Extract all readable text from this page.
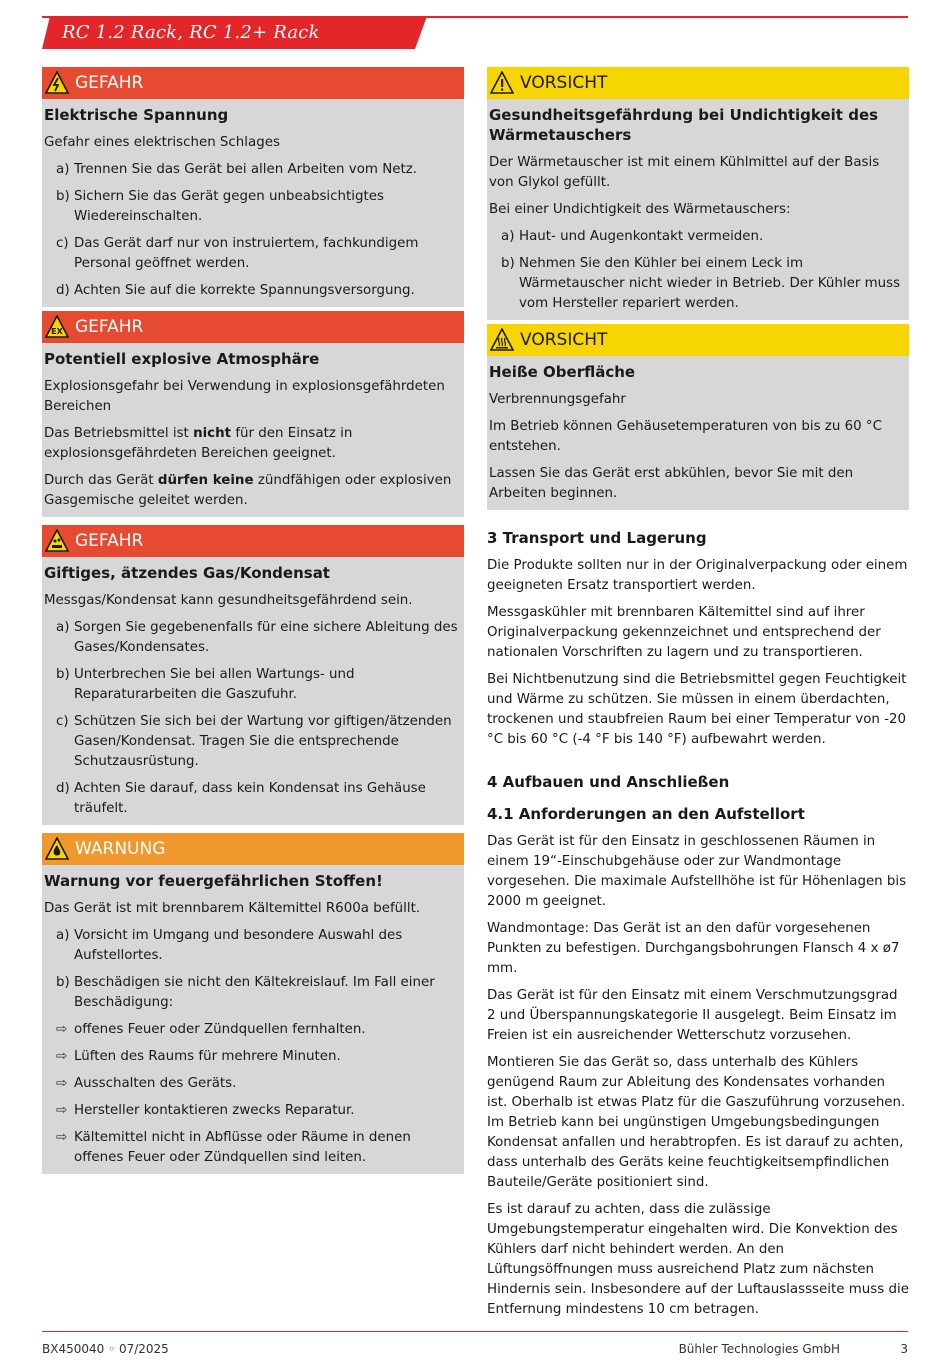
RC 1.2 Rack, RC 1.2+ Rack
GEFAHR
Elektrische Spannung
Gefahr eines elektrischen Schlages
a) Trennen Sie das Gerät bei allen Arbeiten vom Netz.
b) Sichern Sie das Gerät gegen unbeabsichtigtes Wiedereinschalten.
c) Das Gerät darf nur von instruiertem, fachkundigem Personal geöffnet werden.
d) Achten Sie auf die korrekte Spannungsversorgung.
EX GEFAHR
Potentiell explosive Atmosphäre
Explosionsgefahr bei Verwendung in explosionsgefährdeten Bereichen
Das Betriebsmittel ist nicht für den Einsatz in explosionsgefährdeten Bereichen geeignet.
Durch das Gerät dürfen keine zündfähigen oder explosiven Gasgemische geleitet werden.
GEFAHR
Giftiges, ätzendes Gas/Kondensat
Messgas/Kondensat kann gesundheitsgefährdend sein.
a) Sorgen Sie gegebenenfalls für eine sichere Ableitung des Gases/Kondensates.
b) Unterbrechen Sie bei allen Wartungs- und Reparaturarbeiten die Gaszufuhr.
c) Schützen Sie sich bei der Wartung vor giftigen/ätzenden Gasen/Kondensat. Tragen Sie die entsprechende Schutzausrüstung.
d) Achten Sie darauf, dass kein Kondensat ins Gehäuse träufelt.
WARNUNG
Warnung vor feuergefährlichen Stoffen!
Das Gerät ist mit brennbarem Kältemittel R600a befüllt.
a) Vorsicht im Umgang und besondere Auswahl des Aufstellortes.
b) Beschädigen sie nicht den Kältekreislauf. Im Fall einer Beschädigung:
⇨ offenes Feuer oder Zündquellen fernhalten.
⇨ Lüften des Raums für mehrere Minuten.
⇨ Ausschalten des Geräts.
⇨ Hersteller kontaktieren zwecks Reparatur.
⇨ Kältemittel nicht in Abflüsse oder Räume in denen offenes Feuer oder Zündquellen sind leiten.
VORSICHT
Gesundheitsgefährdung bei Undichtigkeit des Wärmetauschers
Der Wärmetauscher ist mit einem Kühlmittel auf der Basis von Glykol gefüllt.
Bei einer Undichtigkeit des Wärmetauschers:
a) Haut- und Augenkontakt vermeiden.
b) Nehmen Sie den Kühler bei einem Leck im Wärmetauscher nicht wieder in Betrieb. Der Kühler muss vom Hersteller repariert werden.
VORSICHT
Heiße Oberfläche
Verbrennungsgefahr
Im Betrieb können Gehäusetemperaturen von bis zu 60 °C entstehen.
Lassen Sie das Gerät erst abkühlen, bevor Sie mit den Arbeiten beginnen.
3 Transport und Lagerung
Die Produkte sollten nur in der Originalverpackung oder einem geeigneten Ersatz transportiert werden.
Messgaskühler mit brennbaren Kältemittel sind auf ihrer Originalverpackung gekennzeichnet und entsprechend der nationalen Vorschriften zu lagern und zu transportieren.
Bei Nichtbenutzung sind die Betriebsmittel gegen Feuchtigkeit und Wärme zu schützen. Sie müssen in einem überdachten, trockenen und staubfreien Raum bei einer Temperatur von -20 °C bis 60 °C (-4 °F bis 140 °F) aufbewahrt werden.
4 Aufbauen und Anschließen
4.1 Anforderungen an den Aufstellort
Das Gerät ist für den Einsatz in geschlossenen Räumen in einem 19“-Einschubgehäuse oder zur Wandmontage vorgesehen. Die maximale Aufstellhöhe ist für Höhenlagen bis 2000 m geeignet.
Wandmontage: Das Gerät ist an den dafür vorgesehenen Punkten zu befestigen. Durchgangsbohrungen Flansch 4 x ø7 mm.
Das Gerät ist für den Einsatz mit einem Verschmutzungsgrad 2 und Überspannungskategorie II ausgelegt. Beim Einsatz im Freien ist ein ausreichender Wetterschutz vorzusehen.
Montieren Sie das Gerät so, dass unterhalb des Kühlers genügend Raum zur Ableitung des Kondensates vorhanden ist. Oberhalb ist etwas Platz für die Gaszuführung vorzusehen. Im Betrieb kann bei ungünstigen Umgebungsbedingungen Kondensat anfallen und herabtropfen. Es ist darauf zu achten, dass unterhalb des Geräts keine feuchtigkeitsempfindlichen Bauteile/Geräte positioniert sind.
Es ist darauf zu achten, dass die zulässige Umgebungstemperatur eingehalten wird. Die Konvektion des Kühlers darf nicht behindert werden. An den Lüftungsöffnungen muss ausreichend Platz zum nächsten Hindernis sein. Insbesondere auf der Luftauslassseite muss die Entfernung mindestens 10 cm betragen.
BX450040 ◦ 07/2025	Bühler Technologies GmbH	3
